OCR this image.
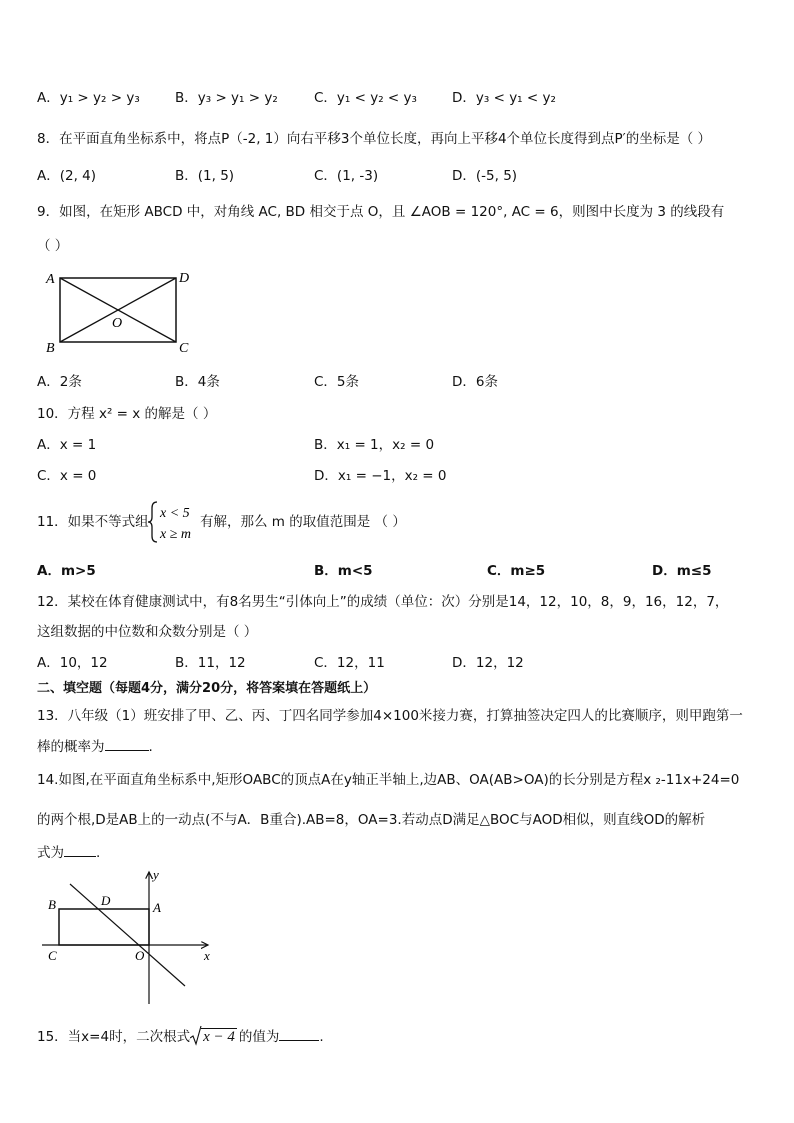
A．y₁ > y₂ > y₃	B．y₃ > y₁ > y₂	C．y₁ < y₂ < y₃	D．y₃ < y₁ < y₂
8．在平面直角坐标系中，将点P（-2, 1）向右平移3个单位长度，再向上平移4个单位长度得到点P′的坐标是（ ）
A．(2, 4)	B．(1, 5)	C．(1, -3)	D．(-5, 5)
9．如图，在矩形 ABCD 中，对角线 AC, BD 相交于点 O，且 ∠AOB = 120°, AC = 6，则图中长度为 3 的线段有
（ ）
A	D
B	C
O
A．2条	B．4条	C．5条	D．6条
10．方程 x² = x 的解是（ ）
A．x = 1	B．x₁ = 1，x₂ = 0
C．x = 0	D．x₁ = −1，x₂ = 0
11．如果不等式组
x < 5
x ≥ m
有解，那么 m 的取值范围是 （ ）
A．m>5	B．m<5	C．m≥5	D．m≤5
12．某校在体育健康测试中，有8名男生“引体向上”的成绩（单位：次）分别是14，12，10，8，9，16，12，7，
这组数据的中位数和众数分别是（ ）
A．10，12	B．11，12	C．12，11	D．12，12
二、填空题（每题4分，满分20分，将答案填在答题纸上）
13．八年级（1）班安排了甲、乙、丙、丁四名同学参加4×100米接力赛，打算抽签决定四人的比赛顺序，则甲跑第一
棒的概率为	.
14.如图,在平面直角坐标系中,矩形OABC的顶点A在y轴正半轴上,边AB、OA(AB>OA)的长分别是方程x ₂-11x+24=0
的两个根,D是AB上的一动点(不与A．B重合).AB=8，OA=3.若动点D满足△BOC与AOD相似，则直线OD的解析
式为 .
y
x
B	D	A
C	O
15．当x=4时，二次根式 x − 4 的值为	.
